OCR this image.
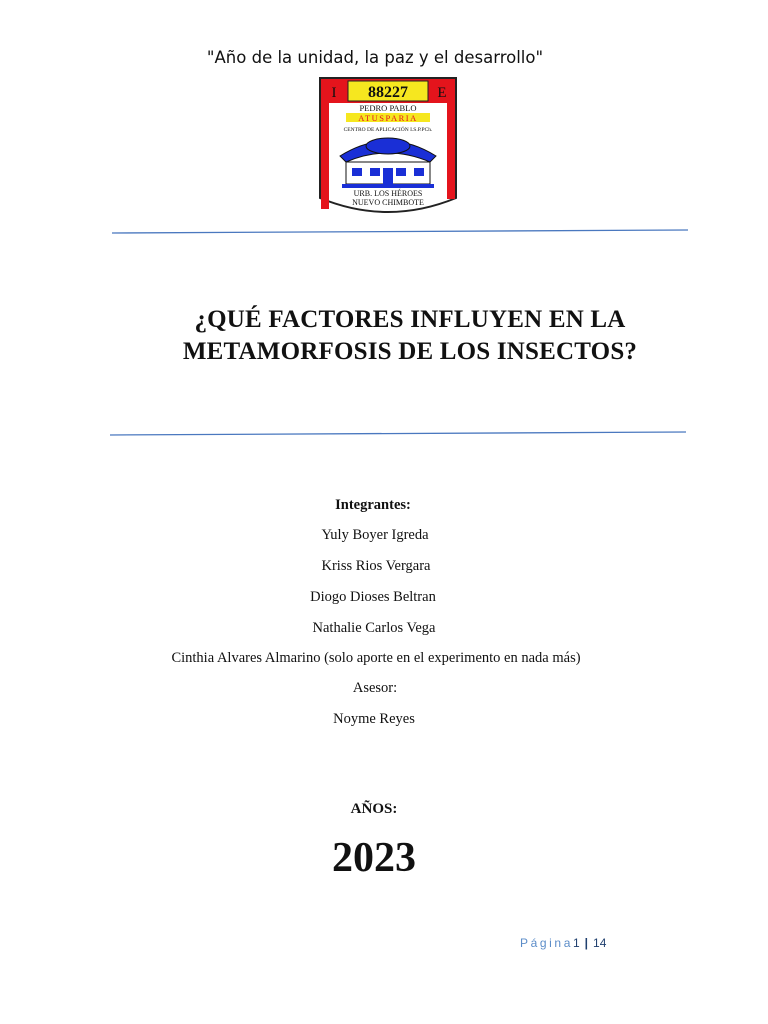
"Año de la unidad, la paz y el desarrollo"
I 88227 E
PEDRO PABLO
ATUSPARIA
CENTRO DE APLICACIÓN I.S.P.PCh.
URB. LOS HÉROES
NUEVO CHIMBOTE
¿QUÉ FACTORES INFLUYEN EN LA
METAMORFOSIS DE LOS INSECTOS?
Integrantes:
Yuly Boyer Igreda
Kriss Rios Vergara
Diogo Dioses Beltran
Nathalie Carlos Vega
Cinthia Alvares Almarino (solo aporte en el experimento en nada más)
Asesor:
Noyme Reyes
AÑOS:
2023
Página1 | 14
